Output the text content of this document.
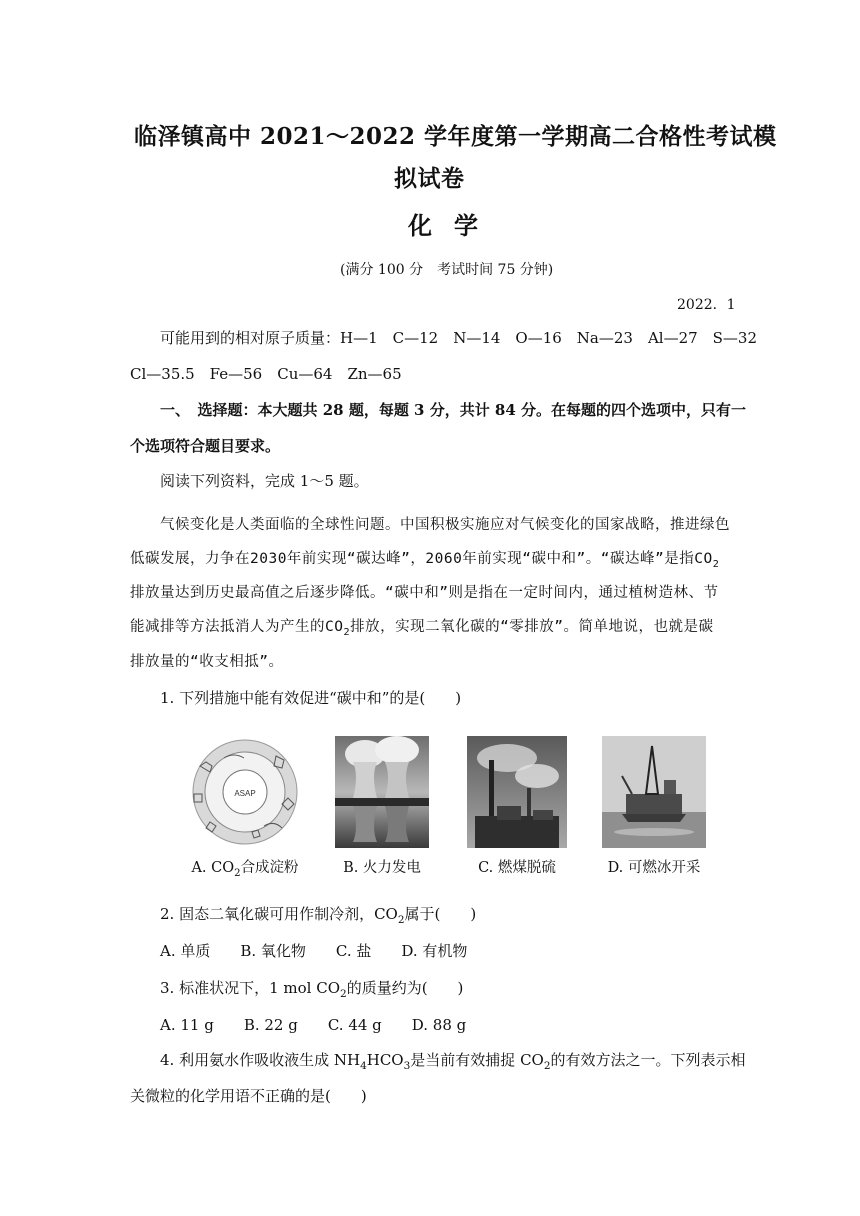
临泽镇高中 2021～2022 学年度第一学期高二合格性考试模
拟试卷
化学
(满分 100 分　考试时间 75 分钟)
2022．1
可能用到的相对原子质量：H—1　C—12　N—14　O—16　Na—23　Al—27　S—32
Cl—35.5　Fe—56　Cu—64　Zn—65
一、　选择题：本大题共 28 题，每题 3 分，共计 84 分。在每题的四个选项中，只有一
个选项符合题目要求。
阅读下列资料，完成 1～5 题。
气候变化是人类面临的全球性问题。中国积极实施应对气候变化的国家战略，推进绿色
低碳发展，力争在2030年前实现“碳达峰”，2060年前实现“碳中和”。“碳达峰”是指$CO_2$
排放量达到历史最高值之后逐步降低。“碳中和”则是指在一定时间内，通过植树造林、节
能减排等方法抵消人为产生的$CO_2$排放，实现二氧化碳的“零排放”。简单地说，也就是碳
排放量的“收支相抵”。
1. 下列措施中能有效促进“碳中和”的是(　　)
ASAP
A. $CO_2$合成淀粉	B. 火力发电	C. 燃煤脱硫	D. 可燃冰开采
2. 固态二氧化碳可用作制冷剂，$CO_2$属于(　　)
A. 单质　　B. 氧化物　　C. 盐　　D. 有机物
3. 标准状况下，1 mol $CO_2$的质量约为(　　)
A. 11 g　　B. 22 g　　C. 44 g　　D. 88 g
4. 利用氨水作吸收液生成 $NH_4HCO_3$是当前有效捕捉 $CO_2$的有效方法之一。下列表示相
关微粒的化学用语不正确的是(　　)
